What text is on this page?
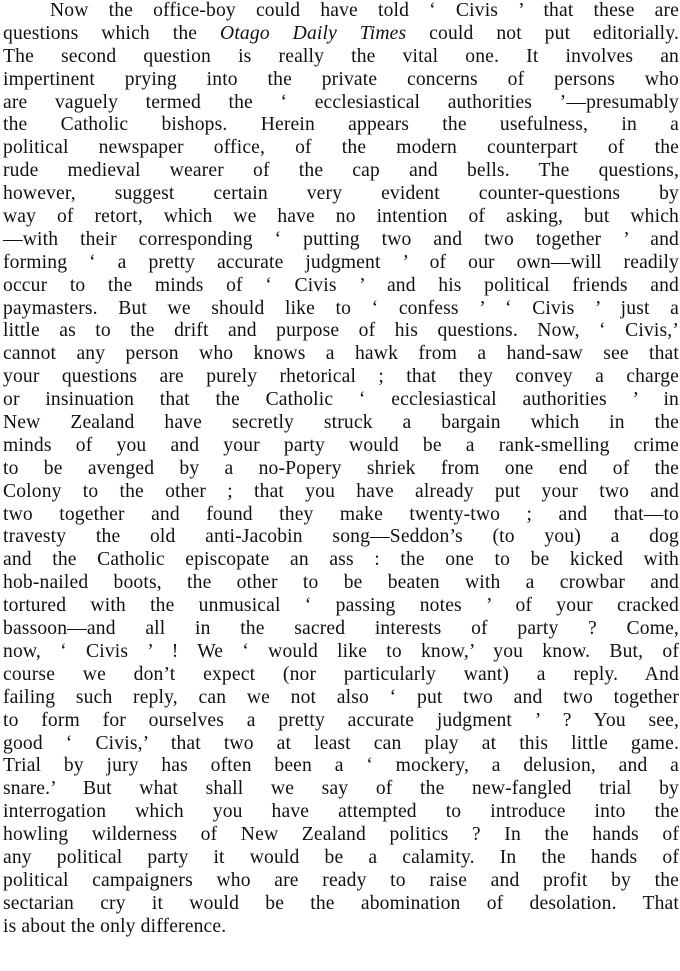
Now the office-boy could have told ‘ Civis ’ that these are
questions which the Otago Daily Times could not put editorially.
The second question is really the vital one. It involves an
impertinent prying into the private concerns of persons who
are vaguely termed the ‘ ecclesiastical authorities ’—presumably
the Catholic bishops. Herein appears the usefulness, in a
political newspaper office, of the modern counterpart of the
rude medieval wearer of the cap and bells. The questions,
however, suggest certain very evident counter-questions by
way of retort, which we have no intention of asking, but which
—with their corresponding ‘ putting two and two together ’ and
forming ‘ a pretty accurate judgment ’ of our own—will readily
occur to the minds of ‘ Civis ’ and his political friends and
paymasters. But we should like to ‘ confess ’ ‘ Civis ’ just a
little as to the drift and purpose of his questions. Now, ‘ Civis,’
cannot any person who knows a hawk from a hand-saw see that
your questions are purely rhetorical ; that they convey a charge
or insinuation that the Catholic ‘ ecclesiastical authorities ’ in
New Zealand have secretly struck a bargain which in the
minds of you and your party would be a rank-smelling crime
to be avenged by a no-Popery shriek from one end of the
Colony to the other ; that you have already put your two and
two together and found they make twenty-two ; and that—to
travesty the old anti-Jacobin song—Seddon’s (to you) a dog
and the Catholic episcopate an ass : the one to be kicked with
hob-nailed boots, the other to be beaten with a crowbar and
tortured with the unmusical ‘ passing notes ’ of your cracked
bassoon—and all in the sacred interests of party ? Come,
now, ‘ Civis ’ ! We ‘ would like to know,’ you know. But, of
course we don’t expect (nor particularly want) a reply. And
failing such reply, can we not also ‘ put two and two together
to form for ourselves a pretty accurate judgment ’ ? You see,
good ‘ Civis,’ that two at least can play at this little game.
Trial by jury has often been a ‘ mockery, a delusion, and a
snare.’ But what shall we say of the new-fangled trial by
interrogation which you have attempted to introduce into the
howling wilderness of New Zealand politics ? In the hands of
any political party it would be a calamity. In the hands of
political campaigners who are ready to raise and profit by the
sectarian cry it would be the abomination of desolation. That
is about the only difference.
